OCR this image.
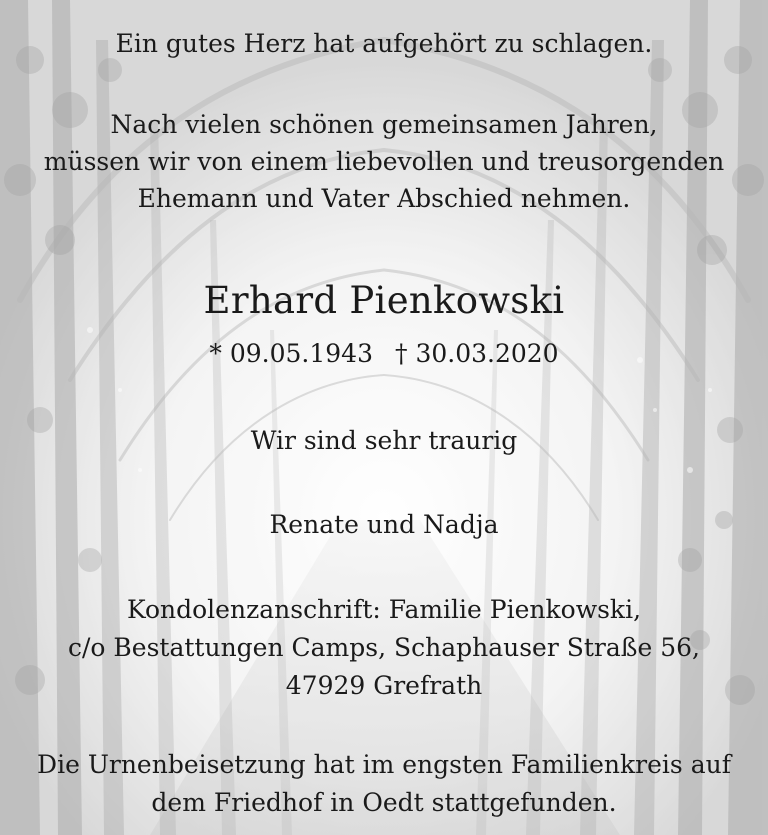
Ein gutes Herz hat aufgehört zu schlagen.
Nach vielen schönen gemeinsamen Jahren,
müssen wir von einem liebevollen und treusorgenden
Ehemann und Vater Abschied nehmen.
Erhard Pienkowski
* 09.05.1943 † 30.03.2020
Wir sind sehr traurig
Renate und Nadja
Kondolenzanschrift: Familie Pienkowski,
c/o Bestattungen Camps, Schaphauser Straße 56,
47929 Grefrath
Die Urnenbeisetzung hat im engsten Familienkreis auf
dem Friedhof in Oedt stattgefunden.
